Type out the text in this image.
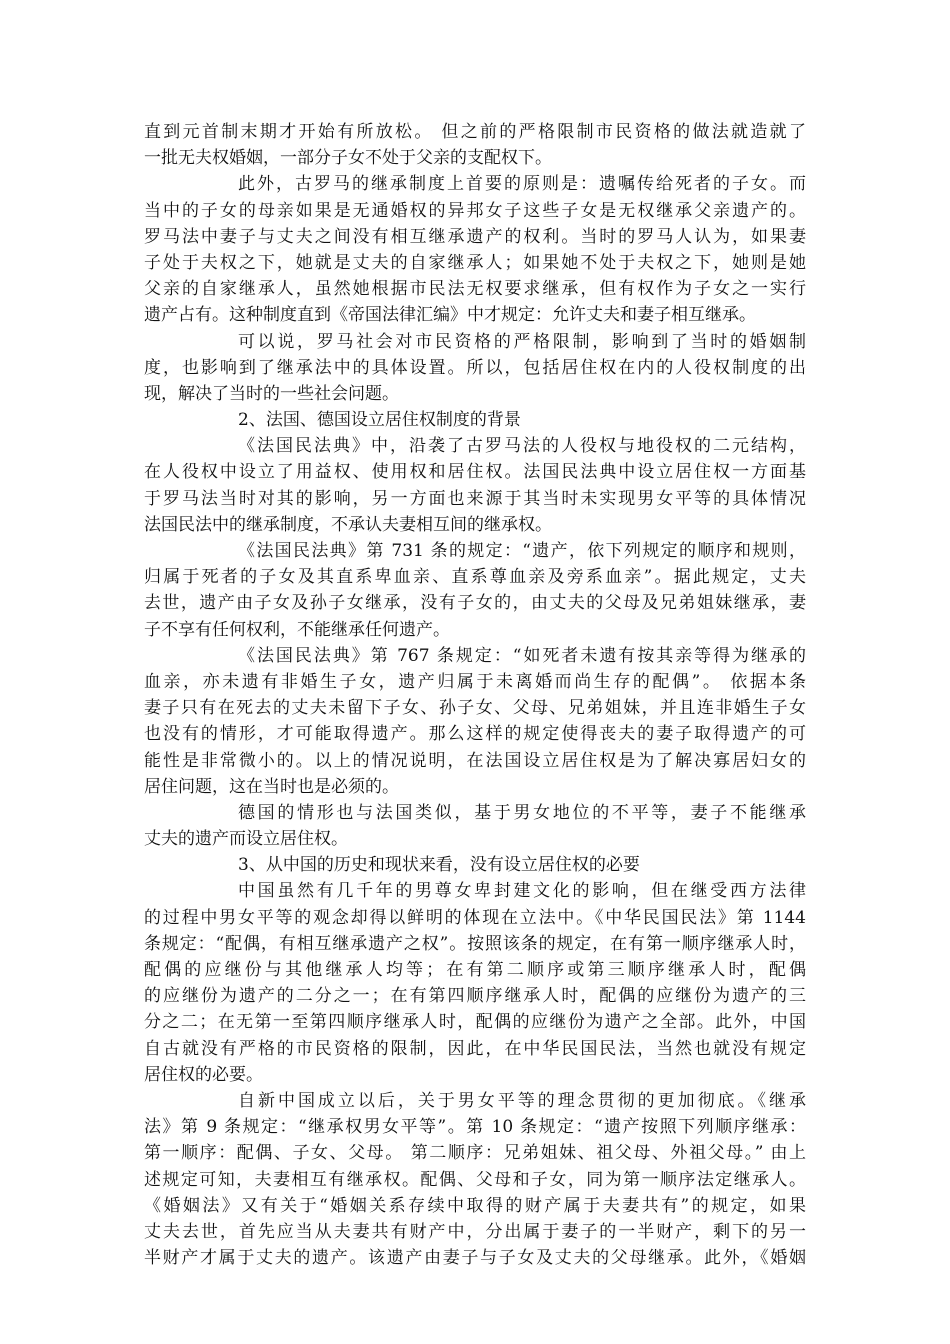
直到元首制末期才开始有所放松。 但之前的严格限制市民资格的做法就造就了
一批无夫权婚姻，一部分子女不处于父亲的支配权下。
此外，古罗马的继承制度上首要的原则是：遗嘱传给死者的子女。而
当中的子女的母亲如果是无通婚权的异邦女子这些子女是无权继承父亲遗产的。
罗马法中妻子与丈夫之间没有相互继承遗产的权利。当时的罗马人认为，如果妻
子处于夫权之下，她就是丈夫的自家继承人；如果她不处于夫权之下，她则是她
父亲的自家继承人，虽然她根据市民法无权要求继承，但有权作为子女之一实行
遗产占有。这种制度直到《帝国法律汇编》中才规定：允许丈夫和妻子相互继承。
可以说，罗马社会对市民资格的严格限制，影响到了当时的婚姻制
度，也影响到了继承法中的具体设置。所以，包括居住权在内的人役权制度的出
现，解决了当时的一些社会问题。
2、法国、德国设立居住权制度的背景
《法国民法典》中，沿袭了古罗马法的人役权与地役权的二元结构，
在人役权中设立了用益权、使用权和居住权。法国民法典中设立居住权一方面基
于罗马法当时对其的影响，另一方面也来源于其当时未实现男女平等的具体情况
法国民法中的继承制度，不承认夫妻相互间的继承权。
《法国民法典》第 731 条的规定：“遗产，依下列规定的顺序和规则，
归属于死者的子女及其直系卑血亲、直系尊血亲及旁系血亲”。据此规定，丈夫
去世，遗产由子女及孙子女继承，没有子女的，由丈夫的父母及兄弟姐妹继承，妻
子不享有任何权利，不能继承任何遗产。
《法国民法典》第 767 条规定：“如死者未遗有按其亲等得为继承的
血亲，亦未遗有非婚生子女，遗产归属于未离婚而尚生存的配偶”。 依据本条
妻子只有在死去的丈夫未留下子女、孙子女、父母、兄弟姐妹，并且连非婚生子女
也没有的情形，才可能取得遗产。那么这样的规定使得丧夫的妻子取得遗产的可
能性是非常微小的。以上的情况说明，在法国设立居住权是为了解决寡居妇女的
居住问题，这在当时也是必须的。
德国的情形也与法国类似，基于男女地位的不平等，妻子不能继承
丈夫的遗产而设立居住权。
3、从中国的历史和现状来看，没有设立居住权的必要
中国虽然有几千年的男尊女卑封建文化的影响，但在继受西方法律
的过程中男女平等的观念却得以鲜明的体现在立法中。《中华民国民法》第 1144
条规定：“配偶，有相互继承遗产之权”。按照该条的规定，在有第一顺序继承人时，
配偶的应继份与其他继承人均等；在有第二顺序或第三顺序继承人时，配偶
的应继份为遗产的二分之一；在有第四顺序继承人时，配偶的应继份为遗产的三
分之二；在无第一至第四顺序继承人时，配偶的应继份为遗产之全部。此外，中国
自古就没有严格的市民资格的限制，因此，在中华民国民法，当然也就没有规定
居住权的必要。
自新中国成立以后，关于男女平等的理念贯彻的更加彻底。《继承
法》第 9 条规定：“继承权男女平等”。第 10 条规定：“遗产按照下列顺序继承：
第一顺序：配偶、子女、父母。 第二顺序：兄弟姐妹、祖父母、外祖父母。” 由上
述规定可知，夫妻相互有继承权。配偶、父母和子女，同为第一顺序法定继承人。
《婚姻法》又有关于“婚姻关系存续中取得的财产属于夫妻共有”的规定，如果
丈夫去世，首先应当从夫妻共有财产中，分出属于妻子的一半财产，剩下的另一
半财产才属于丈夫的遗产。该遗产由妻子与子女及丈夫的父母继承。此外，《婚姻
